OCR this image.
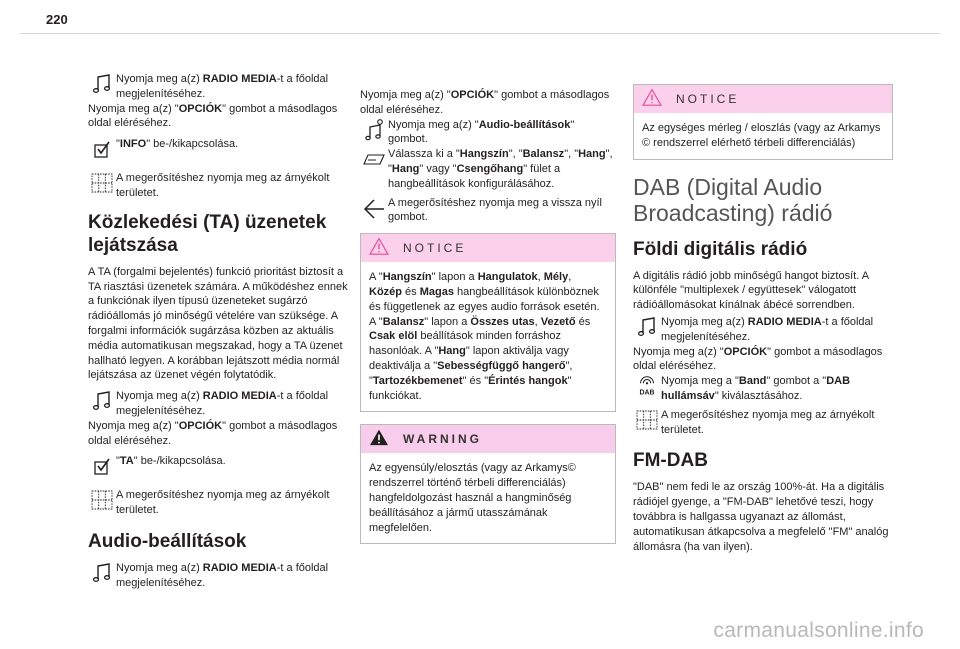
220
Nyomja meg a(z) RADIO MEDIA-t a főoldal megjelenítéséhez.

Nyomja meg a(z) "OPCIÓK" gombot a másodlagos oldal eléréséhez.

"INFO" be-/kikapcsolása.
A megerősítéshez nyomja meg az árnyékolt területet.
Közlekedési (TA) üzenetek lejátszása

A TA (forgalmi bejelentés) funkció prioritást biztosít a TA riasztási üzenetek számára. A működéshez ennek a funkciónak ilyen típusú üzeneteket sugárzó rádióállomás jó minőségű vételére van szüksége. A forgalmi információk sugárzása közben az aktuális média automatikusan megszakad, hogy a TA üzenet hallható legyen. A korábban lejátszott média normál lejátszása az üzenet végén folytatódik.

Nyomja meg a(z) RADIO MEDIA-t a főoldal megjelenítéséhez.

Nyomja meg a(z) "OPCIÓK" gombot a másodlagos oldal eléréséhez.

"TA" be-/kikapcsolása.
A megerősítéshez nyomja meg az árnyékolt területet.
Audio-beállítások
Nyomja meg a(z) RADIO MEDIA-t a főoldal megjelenítéséhez.

Nyomja meg a(z) "OPCIÓK" gombot a másodlagos oldal eléréséhez.

Nyomja meg a(z) "Audio-beállítások" gombot.
Válassza ki a "Hangszín", "Balansz", "Hang", "Hang" vagy "Csengőhang" fület a hangbeállítások konfigurálásához.
A megerősítéshez nyomja meg a vissza nyíl gombot.
NOTICE
A "Hangszín" lapon a Hangulatok, Mély, Közép és Magas hangbeállítások különböznek és függetlenek az egyes audio források esetén. A "Balansz" lapon a Összes utas, Vezető és Csak elöl beállítások minden forráshoz hasonlóak. A "Hang" lapon aktiválja vagy deaktiválja a "Sebességfüggő hangerő", "Tartozékbemenet" és "Érintés hangok" funkciókat.
WARNING
Az egyensúly/elosztás (vagy az Arkamys© rendszerrel történő térbeli differenciálás) hangfeldolgozást használ a hangminőség beállításához a jármű utasszámának megfelelően.
NOTICE
Az egységes mérleg / eloszlás (vagy az Arkamys © rendszerrel elérhető térbeli differenciálás)
DAB (Digital Audio Broadcasting) rádió
Földi digitális rádió

A digitális rádió jobb minőségű hangot biztosít. A különféle "multiplexek / együttesek" válogatott rádióállomásokat kínálnak ábécé sorrendben.

Nyomja meg a(z) RADIO MEDIA-t a főoldal megjelenítéséhez.

Nyomja meg a(z) "OPCIÓK" gombot a másodlagos oldal eléréséhez.

DAB
Nyomja meg a "Band" gombot a "DAB hullámsáv" kiválasztásához.
A megerősítéshez nyomja meg az árnyékolt területet.
FM-DAB

"DAB" nem fedi le az ország 100%-át. Ha a digitális rádiójel gyenge, a "FM-DAB" lehetővé teszi, hogy továbbra is hallgassa ugyanazt az állomást, automatikusan átkapcsolva a megfelelő "FM" analóg állomásra (ha van ilyen).

carmanualsonline.info
